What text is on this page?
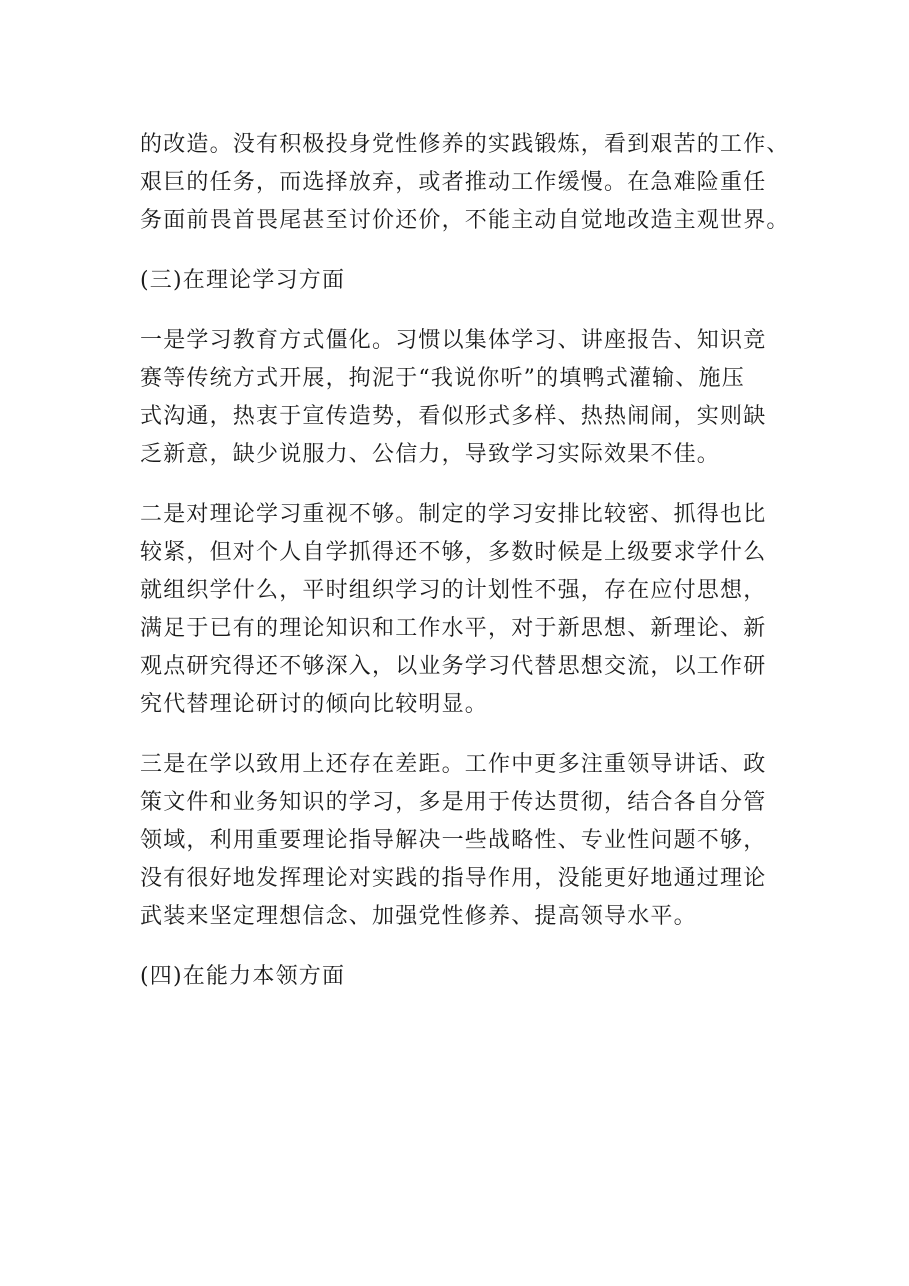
的改造。没有积极投身党性修养的实践锻炼，看到艰苦的工作、
艰巨的任务，而选择放弃，或者推动工作缓慢。在急难险重任
务面前畏首畏尾甚至讨价还价，不能主动自觉地改造主观世界。

(三)在理论学习方面

一是学习教育方式僵化。习惯以集体学习、讲座报告、知识竞
赛等传统方式开展，拘泥于“我说你听”的填鸭式灌输、施压
式沟通，热衷于宣传造势，看似形式多样、热热闹闹，实则缺
乏新意，缺少说服力、公信力，导致学习实际效果不佳。

二是对理论学习重视不够。制定的学习安排比较密、抓得也比
较紧，但对个人自学抓得还不够，多数时候是上级要求学什么
就组织学什么，平时组织学习的计划性不强，存在应付思想，
满足于已有的理论知识和工作水平，对于新思想、新理论、新
观点研究得还不够深入，以业务学习代替思想交流，以工作研
究代替理论研讨的倾向比较明显。

三是在学以致用上还存在差距。工作中更多注重领导讲话、政
策文件和业务知识的学习，多是用于传达贯彻，结合各自分管
领域，利用重要理论指导解决一些战略性、专业性问题不够，
没有很好地发挥理论对实践的指导作用，没能更好地通过理论
武装来坚定理想信念、加强党性修养、提高领导水平。

(四)在能力本领方面
